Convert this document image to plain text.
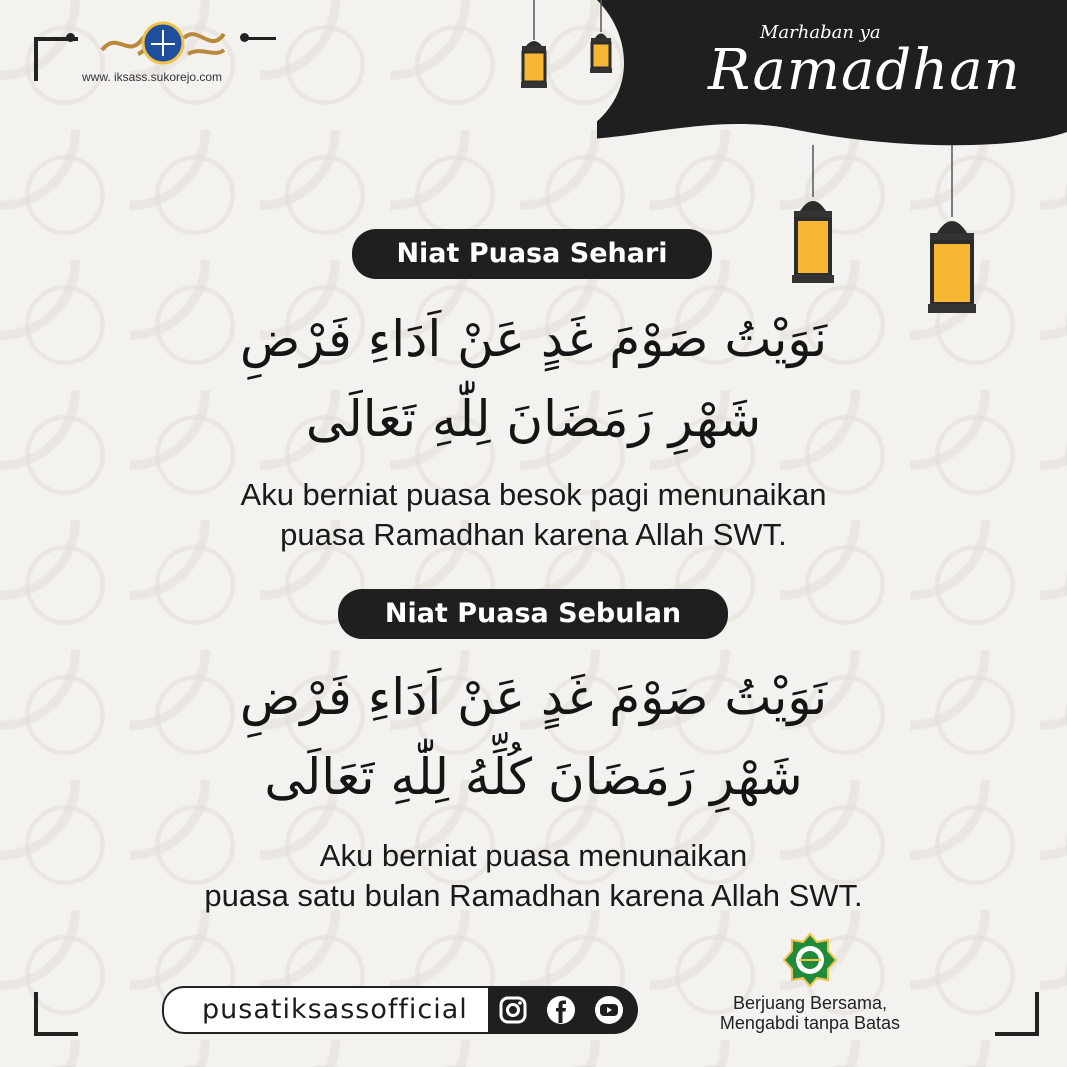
www. iksass.sukorejo.com
Marhaban ya
Ramadhan
Niat Puasa Sehari
نَوَيْتُ صَوْمَ غَدٍ عَنْ اَدَاءِ فَرْضِ
شَهْرِ رَمَضَانَ لِلّٰهِ تَعَالَى
Aku berniat puasa besok pagi menunaikan
puasa Ramadhan karena Allah SWT.
Niat Puasa Sebulan
نَوَيْتُ صَوْمَ غَدٍ عَنْ اَدَاءِ فَرْضِ
شَهْرِ رَمَضَانَ كُلِّهُ لِلّٰهِ تَعَالَى
Aku berniat puasa menunaikan
puasa satu bulan Ramadhan karena Allah SWT.
pusatiksassofficial	Berjuang Bersama,
Mengabdi tanpa Batas
